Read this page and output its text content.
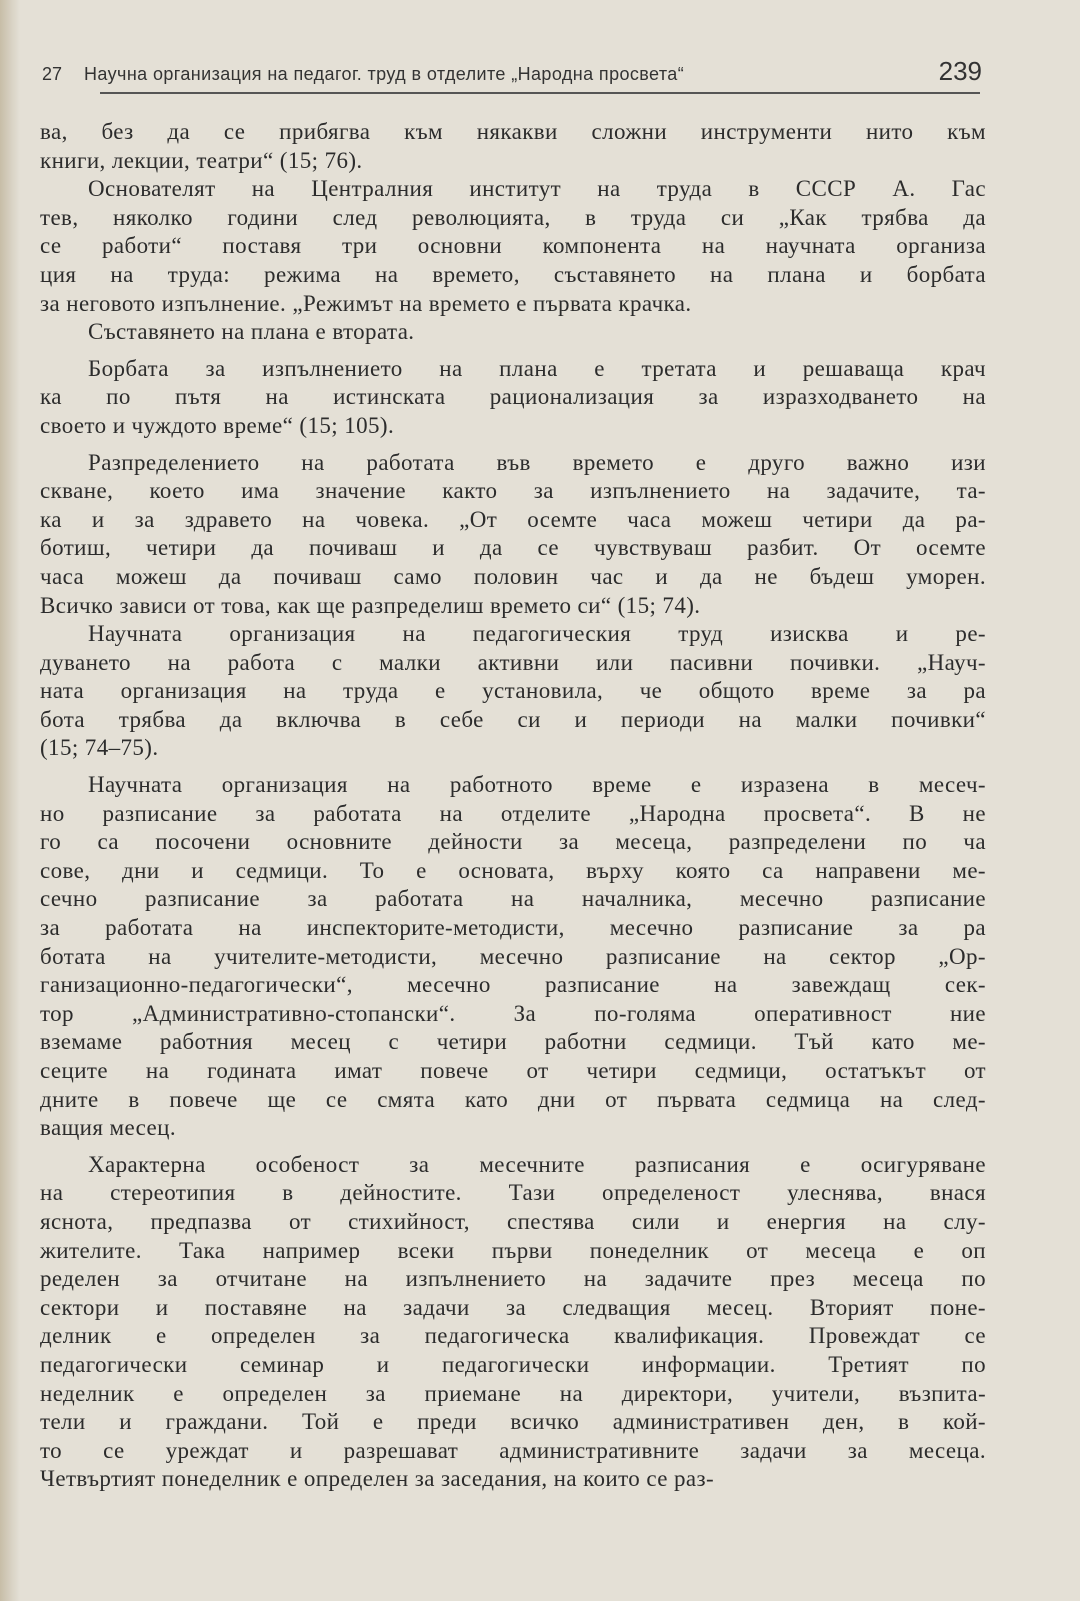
27 Научна организация на педагог. труд в отделите „Народна просвета“	239
ва, без да се прибягва към някакви сложни инструменти нито към
книги, лекции, театри“ (15; 76).
Основателят на Централния институт на труда в СССР А. Гас
тев, няколко години след революцията, в труда си „Как трябва да
се работи“ поставя три основни компонента на научната организа
ция на труда: режима на времето, съставянето на плана и борбата
за неговото изпълнение. „Режимът на времето е първата крачка.
Съставянето на плана е втората.
Борбата за изпълнението на плана е третата и решаваща крач
ка по пътя на истинската рационализация за изразходването на
своето и чуждото време“ (15; 105).
Разпределението на работата във времето е друго важно изи
скване, което има значение както за изпълнението на задачите, та-
ка и за здравето на човека. „От осемте часа можеш четири да ра-
ботиш, четири да почиваш и да се чувствуваш разбит. От осемте
часа можеш да почиваш само половин час и да не бъдеш уморен.
Всичко зависи от това, как ще разпределиш времето си“ (15; 74).
Научната организация на педагогическия труд изисква и ре-
дуването на работа с малки активни или пасивни почивки. „Науч-
ната организация на труда е установила, че общото време за ра
бота трябва да включва в себе си и периоди на малки почивки“
(15; 74–75).
Научната организация на работното време е изразена в месеч-
но разписание за работата на отделите „Народна просвета“. В не
го са посочени основните дейности за месеца, разпределени по ча
сове, дни и седмици. То е основата, върху която са направени ме-
сечно разписание за работата на началника, месечно разписание
за работата на инспекторите-методисти, месечно разписание за ра
ботата на учителите-методисти, месечно разписание на сектор „Ор-
ганизационно-педагогически“, месечно разписание на завеждащ сек-
тор „Административно-стопански“. За по-голяма оперативност ние
вземаме работния месец с четири работни седмици. Тъй като ме-
сеците на годината имат повече от четири седмици, остатъкът от
дните в повече ще се смята като дни от първата седмица на след-
ващия месец.
Характерна особеност за месечните разписания е осигуряване
на стереотипия в дейностите. Тази определеност улеснява, внася
яснота, предпазва от стихийност, спестява сили и енергия на слу-
жителите. Така например всеки първи понеделник от месеца е оп
ределен за отчитане на изпълнението на задачите през месеца по
сектори и поставяне на задачи за следващия месец. Вторият поне-
делник е определен за педагогическа квалификация. Провеждат се
педагогически семинар и педагогически информации. Третият по
неделник е определен за приемане на директори, учители, възпита-
тели и граждани. Той е преди всичко административен ден, в кой-
то се уреждат и разрешават административните задачи за месеца.
Четвъртият понеделник е определен за заседания, на които се раз-
